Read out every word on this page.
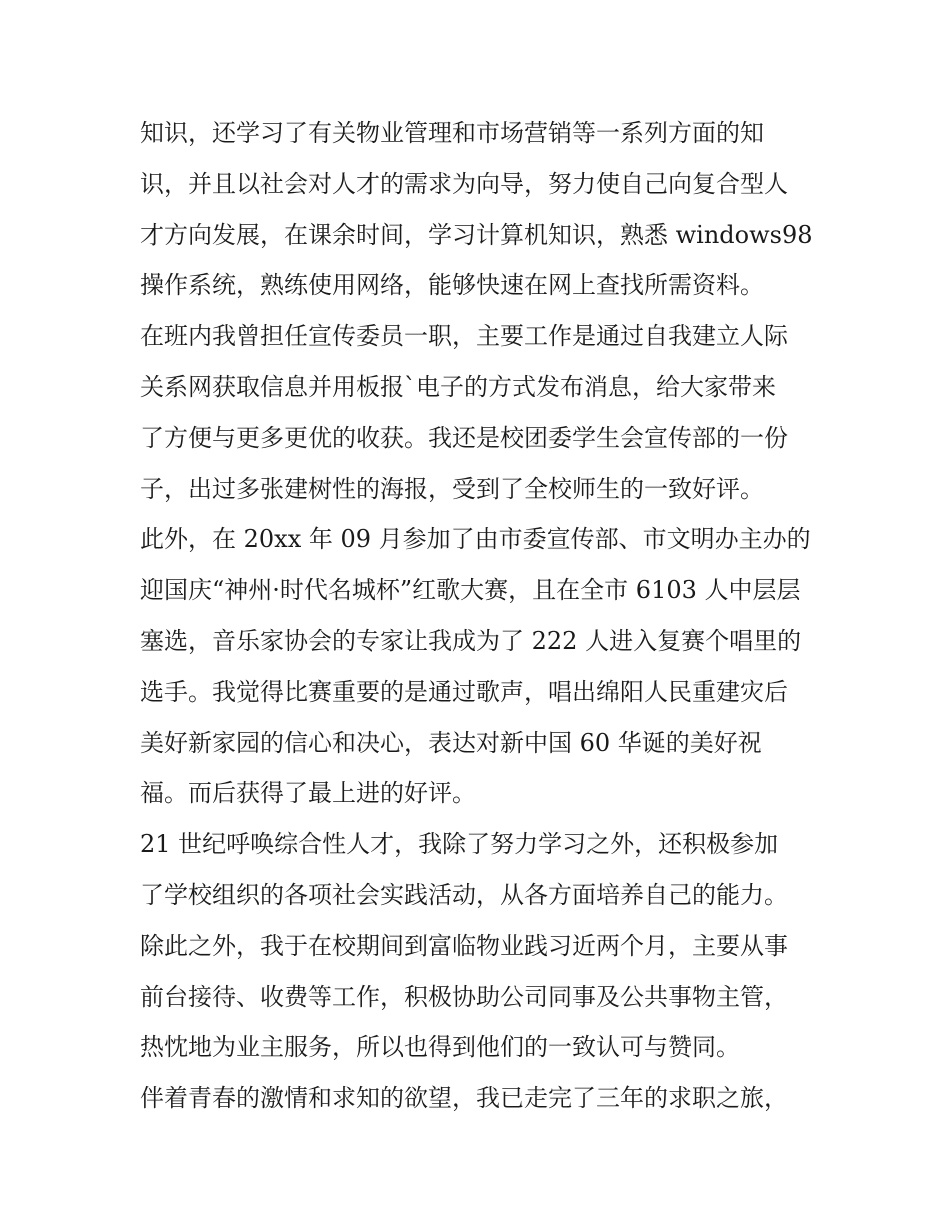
知识，还学习了有关物业管理和市场营销等一系列方面的知
识，并且以社会对人才的需求为向导，努力使自己向复合型人
才方向发展，在课余时间，学习计算机知识，熟悉 windows98
操作系统，熟练使用网络，能够快速在网上查找所需资料。
在班内我曾担任宣传委员一职，主要工作是通过自我建立人际
关系网获取信息并用板报`电子的方式发布消息，给大家带来
了方便与更多更优的收获。我还是校团委学生会宣传部的一份
子，出过多张建树性的海报，受到了全校师生的一致好评。
此外，在 20xx 年 09 月参加了由市委宣传部、市文明办主办的
迎国庆“神州·时代名城杯”红歌大赛，且在全市 6103 人中层层
塞选，音乐家协会的专家让我成为了 222 人进入复赛个唱里的
选手。我觉得比赛重要的是通过歌声，唱出绵阳人民重建灾后
美好新家园的信心和决心，表达对新中国 60 华诞的美好祝
福。而后获得了最上进的好评。
21 世纪呼唤综合性人才，我除了努力学习之外，还积极参加
了学校组织的各项社会实践活动，从各方面培养自己的能力。
除此之外，我于在校期间到富临物业践习近两个月，主要从事
前台接待、收费等工作，积极协助公司同事及公共事物主管，
热忱地为业主服务，所以也得到他们的一致认可与赞同。
伴着青春的激情和求知的欲望，我已走完了三年的求职之旅，
